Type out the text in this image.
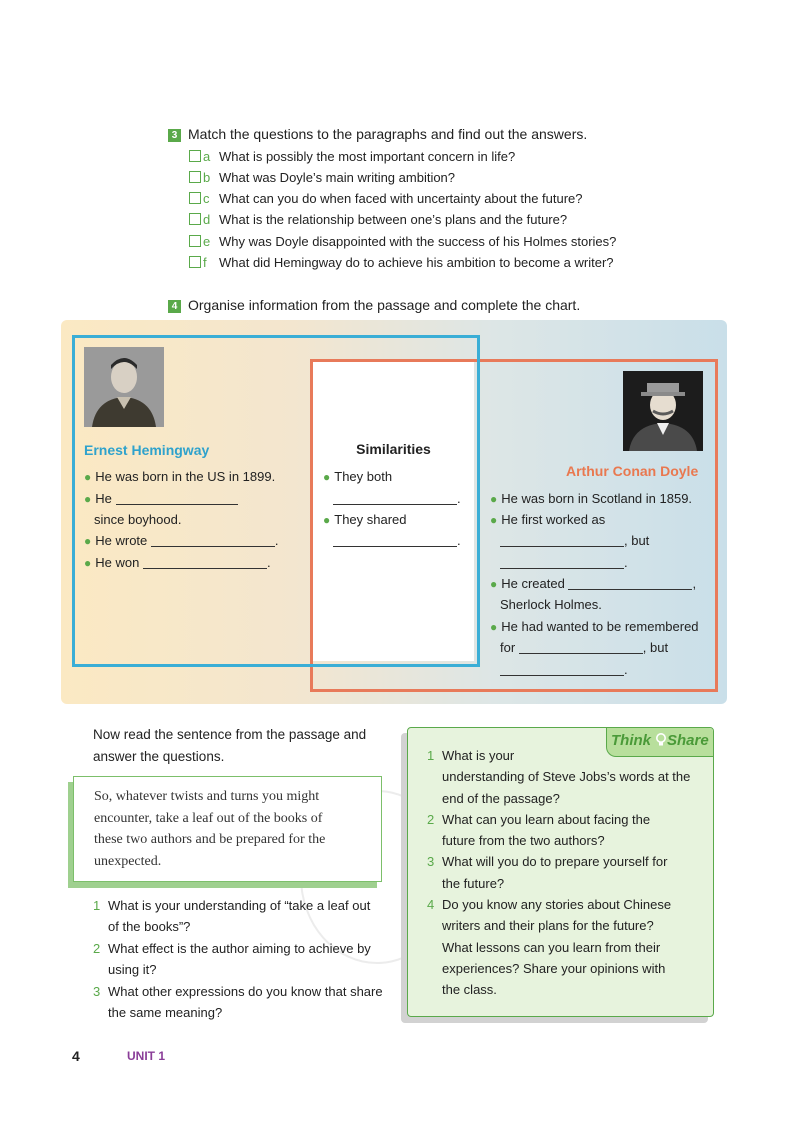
3 Match the questions to the paragraphs and find out the answers.
a What is possibly the most important concern in life?
b What was Doyle’s main writing ambition?
c What can you do when faced with uncertainty about the future?
d What is the relationship between one’s plans and the future?
e Why was Doyle disappointed with the success of his Holmes stories?
f What did Hemingway do to achieve his ambition to become a writer?
4 Organise information from the passage and complete the chart.
Ernest Hemingway
● He was born in the US in 1899.
● He
since boyhood.
● He wrote	.
● He won	.
Similarities
● They both
.
● They shared
.
Arthur Conan Doyle
● He was born in Scotland in 1859.
● He first worked as
, but
.
● He created	,
Sherlock Holmes.
● He had wanted to be remembered
for	, but
.
Now read the sentence from the passage and
answer the questions.
So, whatever twists and turns you might
encounter, take a leaf out of the books of
these two authors and be prepared for the
unexpected.
1 What is your understanding of “take a leaf out
of the books”?
2 What effect is the author aiming to achieve by
using it?
3 What other expressions do you know that share
the same meaning?
Think Share
1 What is your
understanding of Steve Jobs’s words at the
end of the passage?
2 What can you learn about facing the
future from the two authors?
3 What will you do to prepare yourself for
the future?
4 Do you know any stories about Chinese
writers and their plans for the future?
What lessons can you learn from their
experiences? Share your opinions with
the class.
4	UNIT 1
